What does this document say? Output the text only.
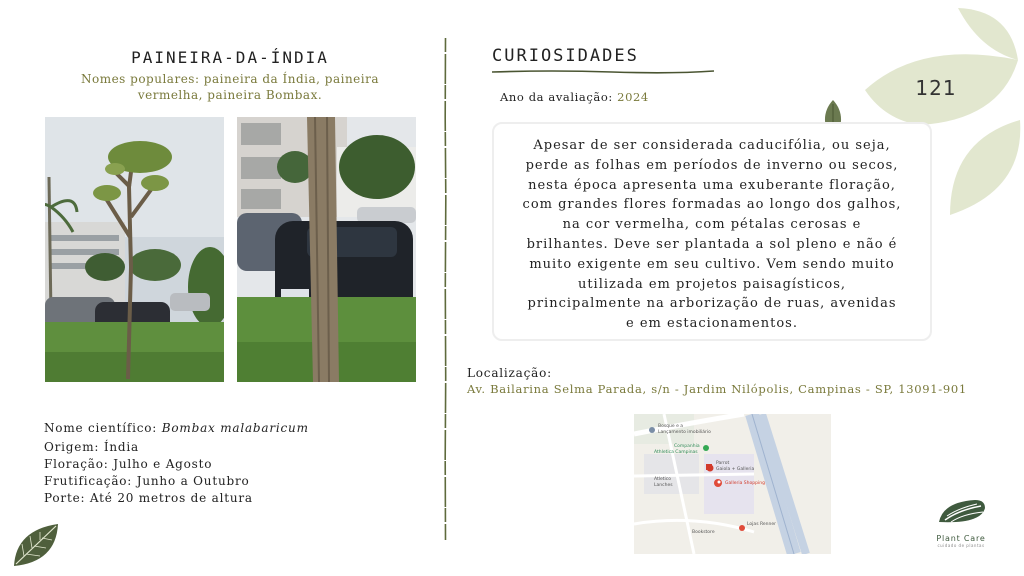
PAINEIRA-DA-ÍNDIA
Nomes populares: paineira da Índia, paineira
vermelha, paineira Bombax.
Nome científico: Bombax malabaricum
Origem: Índia
Floração: Julho e Agosto
Frutificação: Junho a Outubro
Porte: Até 20 metros de altura
CURIOSIDADES
Ano da avaliação: 2024	121
Apesar de ser considerada caducifólia, ou seja,
perde as folhas em períodos de inverno ou secos,
nesta época apresenta uma exuberante floração,
com grandes flores formadas ao longo dos galhos,
na cor vermelha, com pétalas cerosas e
brilhantes. Deve ser plantada a sol pleno e não é
muito exigente em seu cultivo. Vem sendo muito
utilizada em projetos paisagísticos,
principalmente na arborização de ruas, avenidas
e em estacionamentos.
Localização:
Av. Bailarina Selma Parada, s/n - Jardim Nilópolis, Campinas - SP, 13091-901
Bosque e a
Lançamento imobiliário
Companhia
Athletica Campinas
Parrot
Gaiola + Galleria
Galleria Shopping
Atletico
Lanches
Lojas Renner
Bookstore
Plant Care
cuidado de plantas
